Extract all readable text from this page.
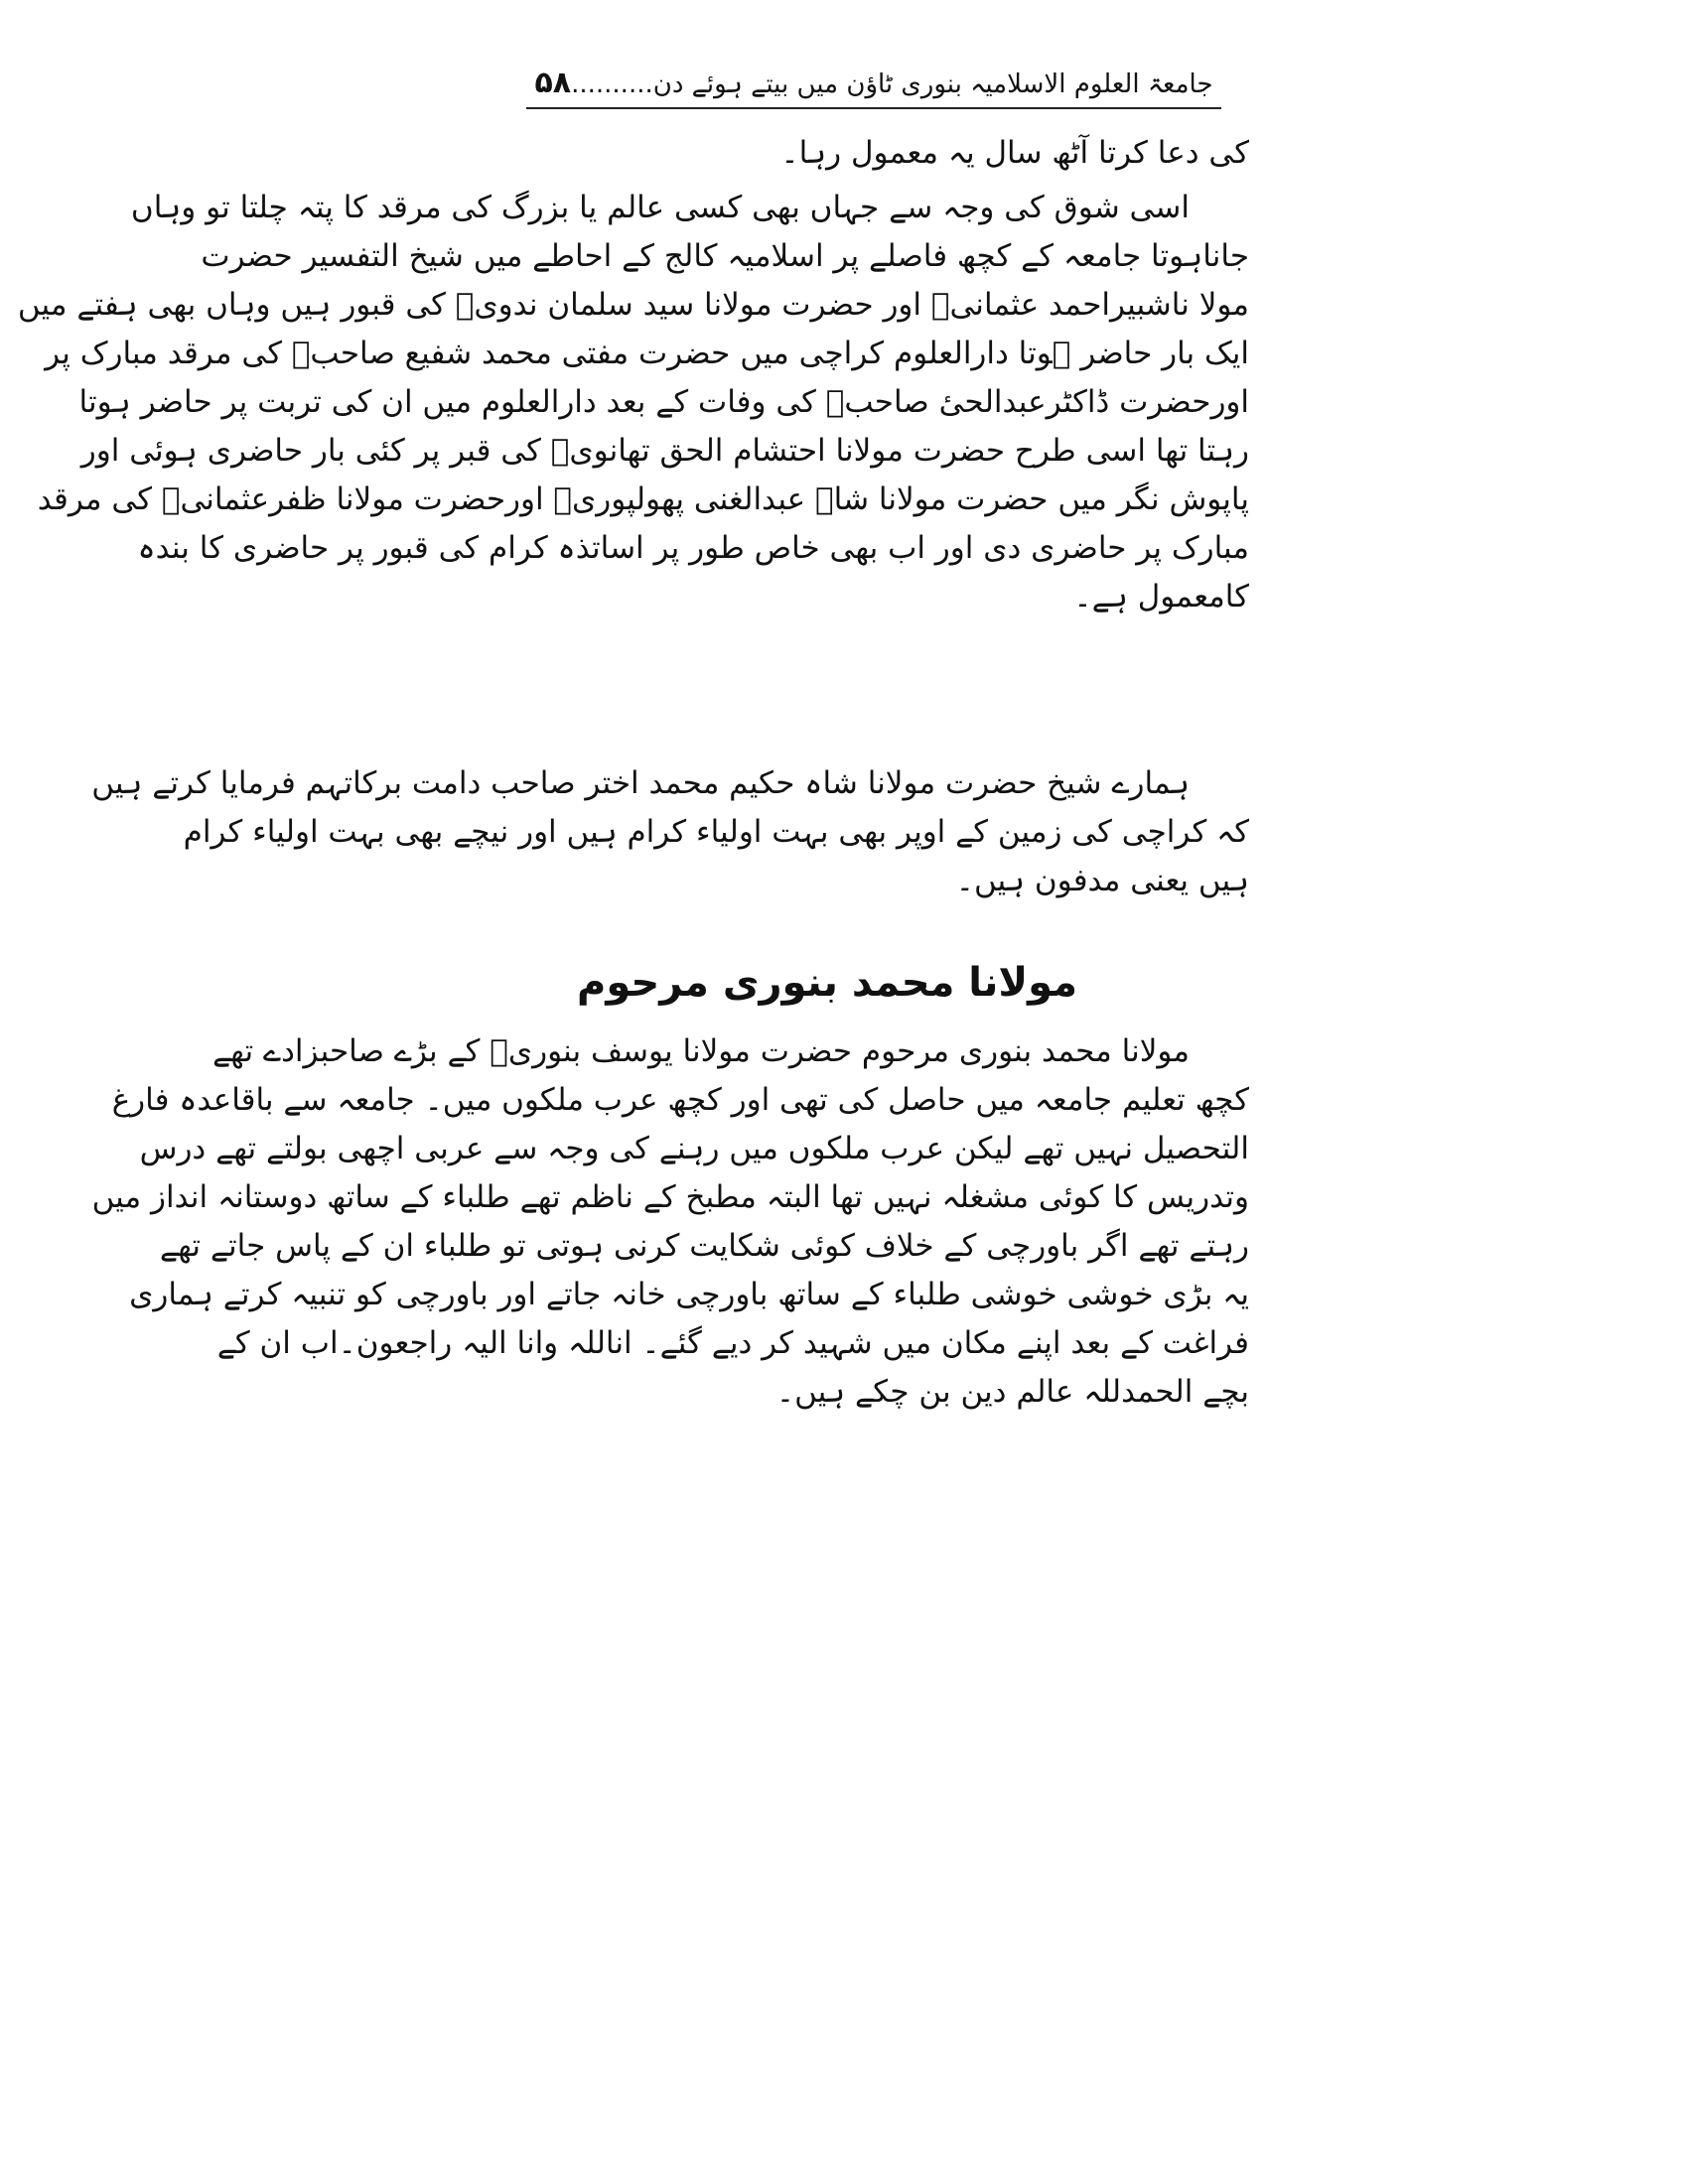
جامعۃ العلوم الاسلامیہ بنوری ٹاؤن میں بیتے ہوئے دن..........۵۸
کی دعا کرتا آٹھ سال یہ معمول رہا۔
اسی شوق کی وجہ سے جہاں بھی کسی عالم یا بزرگ کی مرقد کا پتہ چلتا تو وہاں
جاناہوتا جامعہ کے کچھ فاصلے پر اسلامیہ کالج کے احاطے میں شیخ التفسیر حضرت
مولا ناشبیراحمد عثمانیؒ اور حضرت مولانا سید سلمان ندویؒ کی قبور ہیں وہاں بھی ہفتے میں
ایک بار حاضر ہوتا دارالعلوم کراچی میں حضرت مفتی محمد شفیع صاحبؒ کی مرقد مبارک پر
اورحضرت ڈاکٹرعبدالحیٔ صاحبؒ کی وفات کے بعد دارالعلوم میں ان کی تربت پر حاضر ہوتا
رہتا تھا اسی طرح حضرت مولانا احتشام الحق تھانویؒ کی قبر پر کئی بار حاضری ہوئی اور
پاپوش نگر میں حضرت مولانا شاہ عبدالغنی پھولپوریؒ اورحضرت مولانا ظفرعثمانیؒ کی مرقد
مبارک پر حاضری دی اور اب بھی خاص طور پر اساتذہ کرام کی قبور پر حاضری کا بندہ
کامعمول ہے۔
ہمارے شیخ حضرت مولانا شاہ حکیم محمد اختر صاحب دامت برکاتہم فرمایا کرتے ہیں
کہ کراچی کی زمین کے اوپر بھی بہت اولیاء کرام ہیں اور نیچے بھی بہت اولیاء کرام
ہیں یعنی مدفون ہیں۔
مولانا محمد بنوری مرحوم
مولانا محمد بنوری مرحوم حضرت مولانا یوسف بنوریؒ کے بڑے صاحبزادے تھے
کچھ تعلیم جامعہ میں حاصل کی تھی اور کچھ عرب ملکوں میں۔ جامعہ سے باقاعدہ فارغ
التحصیل نہیں تھے لیکن عرب ملکوں میں رہنے کی وجہ سے عربی اچھی بولتے تھے درس
وتدریس کا کوئی مشغلہ نہیں تھا البتہ مطبخ کے ناظم تھے طلباء کے ساتھ دوستانہ انداز میں
رہتے تھے اگر باورچی کے خلاف کوئی شکایت کرنی ہوتی تو طلباء ان کے پاس جاتے تھے
یہ بڑی خوشی خوشی طلباء کے ساتھ باورچی خانہ جاتے اور باورچی کو تنبیہ کرتے ہماری
فراغت کے بعد اپنے مکان میں شہید کر دیے گئے۔ اناللہ وانا الیہ راجعون۔اب ان کے
بچے الحمدللہ عالم دین بن چکے ہیں۔
